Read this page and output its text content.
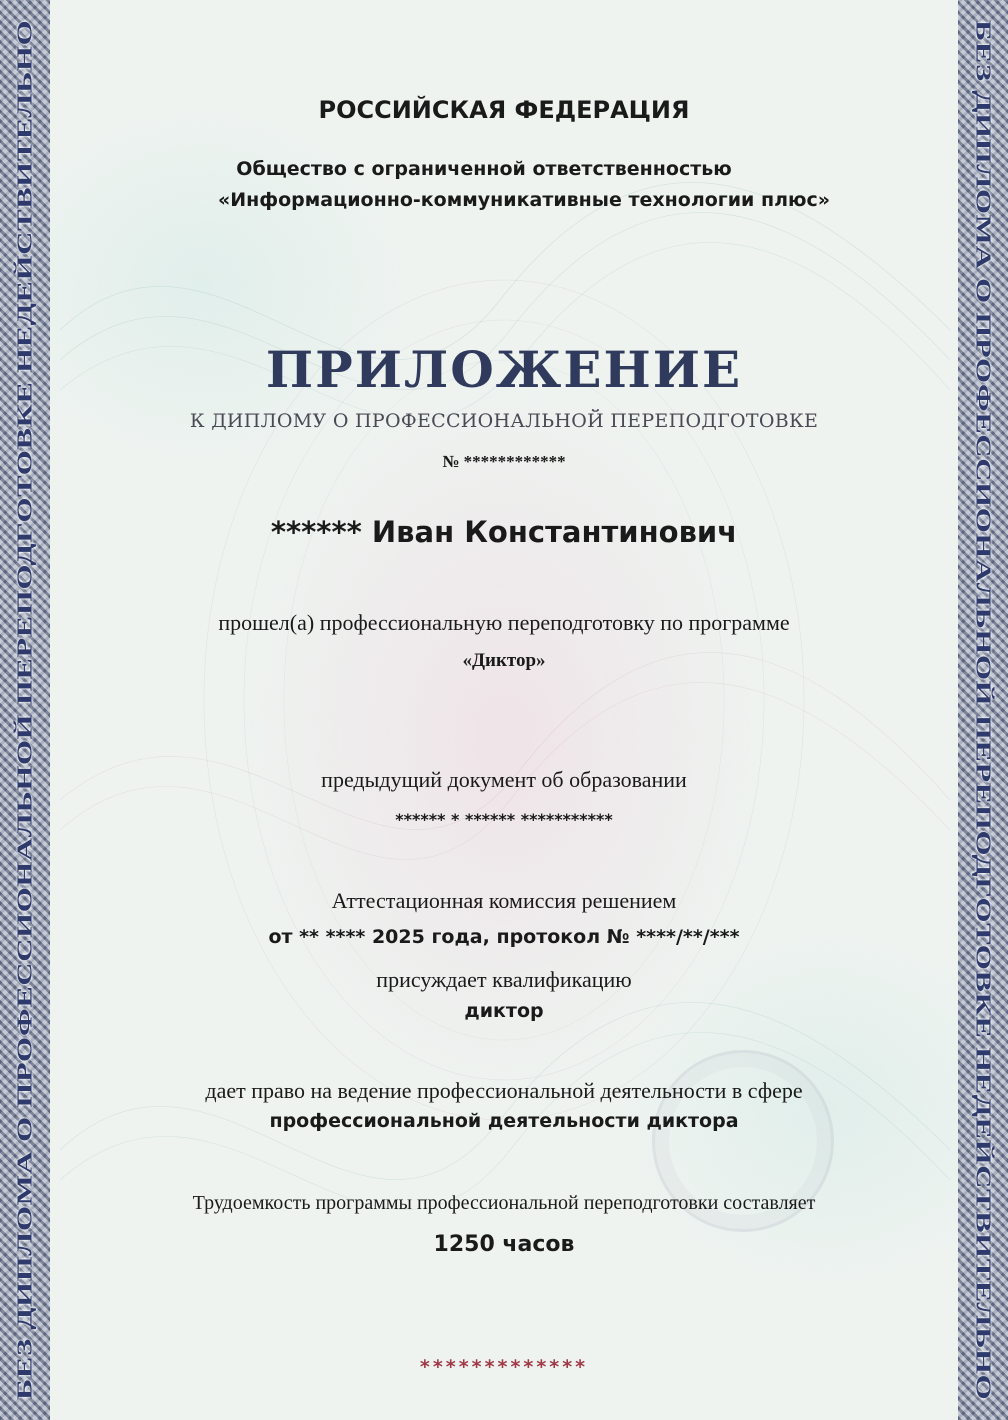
БЕЗ ДИПЛОМА О ПРОФЕССИОНАЛЬНОЙ ПЕРЕПОДГОТОВКЕ НЕДЕЙСТВИТЕЛЬНО	БЕЗ ДИПЛОМА О ПРОФЕССИОНАЛЬНОЙ ПЕРЕПОДГОТОВКЕ НЕДЕЙСТВИТЕЛЬНО
РОССИЙСКАЯ ФЕДЕРАЦИЯ
Общество с ограниченной ответственностью
«Информационно-коммуникативные технологии плюс»
ПРИЛОЖЕНИЕ
К ДИПЛОМУ О ПРОФЕССИОНАЛЬНОЙ ПЕРЕПОДГОТОВКЕ
№ ************
****** Иван Константинович
прошел(а) профессиональную переподготовку по программе
«Диктор»
предыдущий документ об образовании
****** * ****** ***********
Аттестационная комиссия решением
от ** **** 2025 года, протокол № ****/**/***
присуждает квалификацию
диктор
дает право на ведение профессиональной деятельности в сфере
профессиональной деятельности диктора
Трудоемкость программы профессиональной переподготовки составляет
1250 часов
*************
